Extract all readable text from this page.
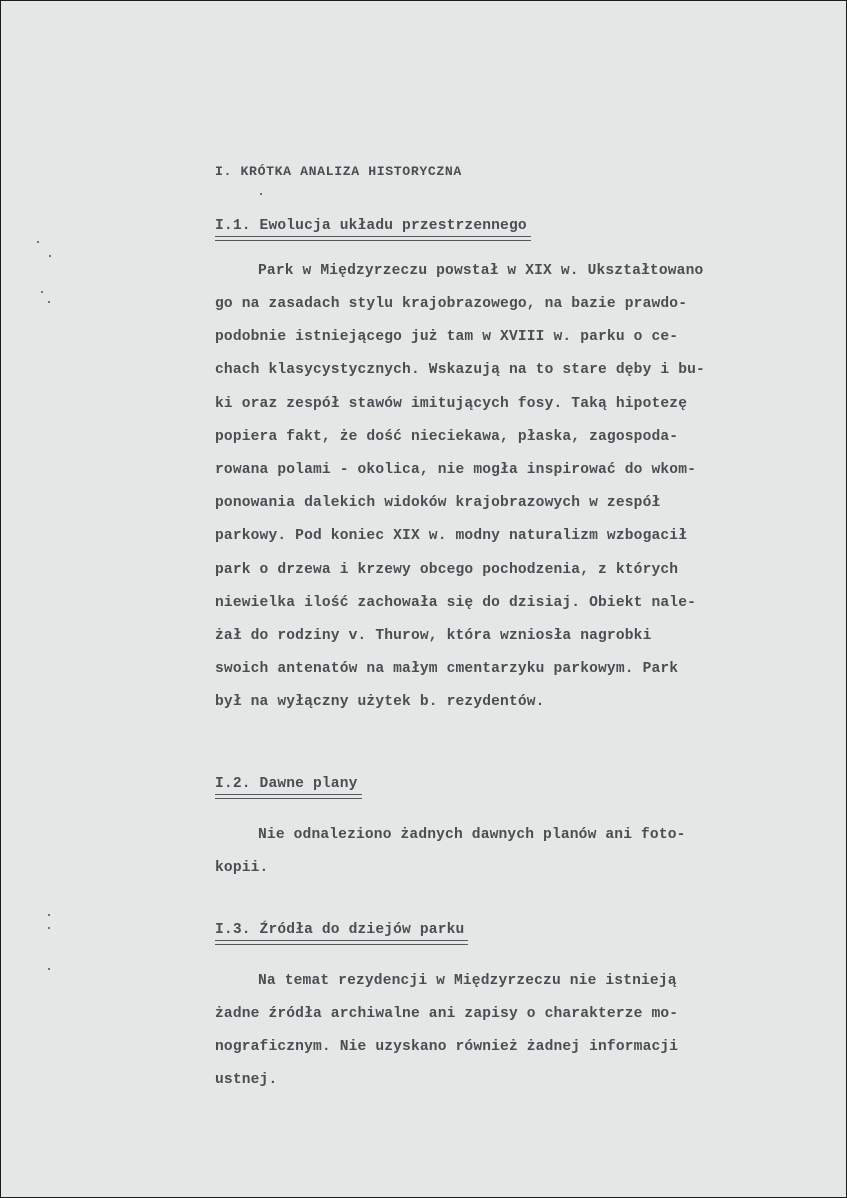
I. KRÓTKA ANALIZA HISTORYCZNA
I.1. Ewolucja układu przestrzennego
Park w Międzyrzeczu powstał w XIX w. Ukształtowano
go na zasadach stylu krajobrazowego, na bazie prawdo-
podobnie istniejącego już tam w XVIII w. parku o ce-
chach klasycystycznych. Wskazują na to stare dęby i bu-
ki oraz zespół stawów imitujących fosy. Taką hipotezę
popiera fakt, że dość nieciekawa, płaska, zagospoda-
rowana polami - okolica, nie mogła inspirować do wkom-
ponowania dalekich widoków krajobrazowych w zespół
parkowy. Pod koniec XIX w. modny naturalizm wzbogacił
park o drzewa i krzewy obcego pochodzenia, z których
niewielka ilość zachowała się do dzisiaj. Obiekt nale-
żał do rodziny v. Thurow, która wzniosła nagrobki
swoich antenatów na małym cmentarzyku parkowym. Park
był na wyłączny użytek b. rezydentów.
I.2. Dawne plany
Nie odnaleziono żadnych dawnych planów ani foto-
kopii.
I.3. Źródła do dziejów parku
Na temat rezydencji w Międzyrzeczu nie istnieją
żadne źródła archiwalne ani zapisy o charakterze mo-
nograficznym. Nie uzyskano również żadnej informacji
ustnej.
